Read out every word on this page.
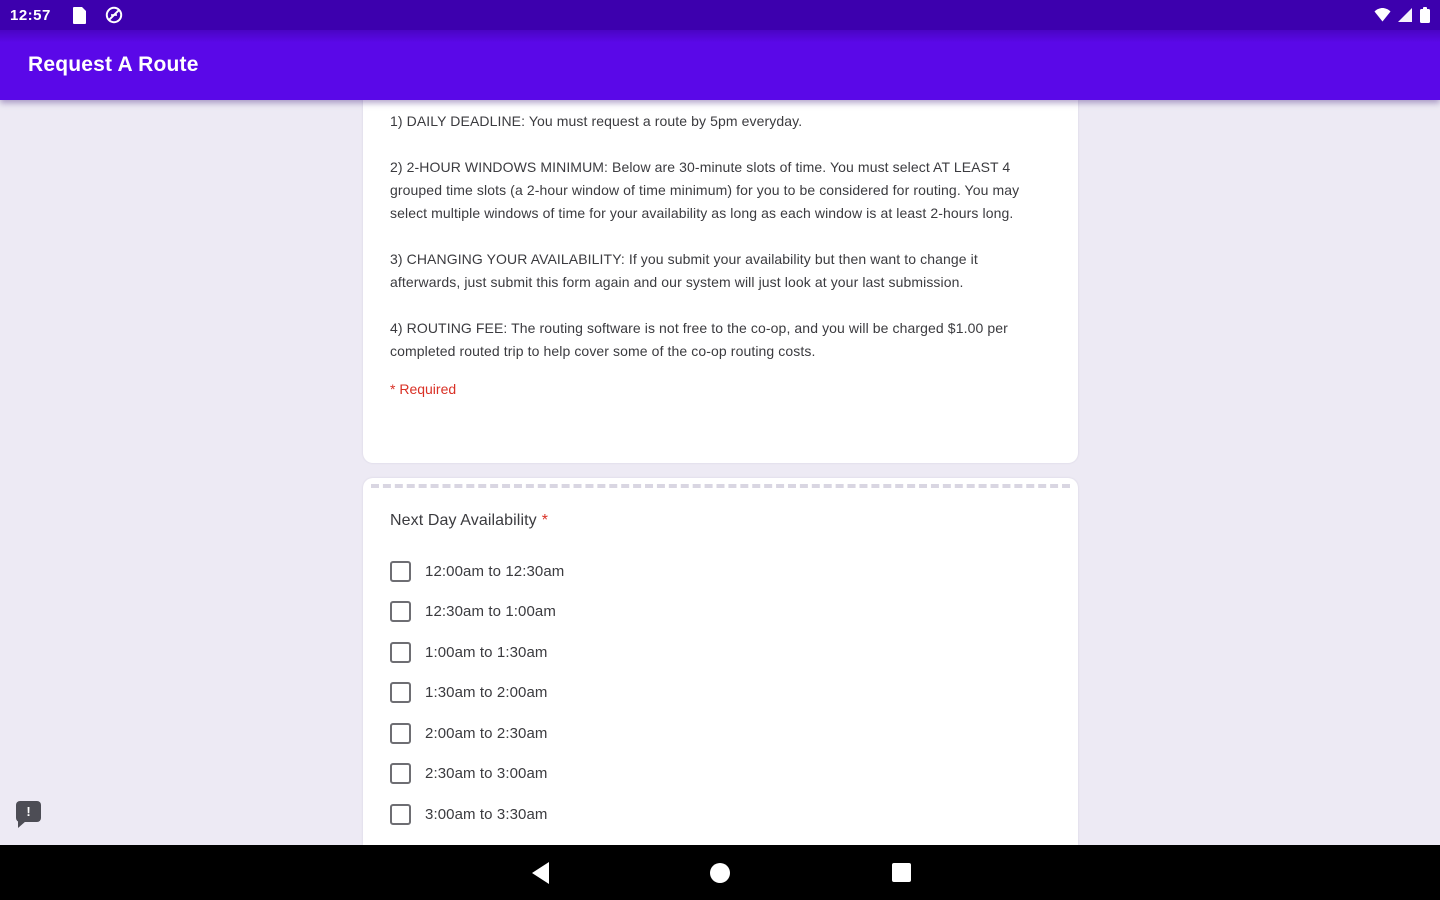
12:57
Request A Route

1) DAILY DEADLINE: You must request a route by 5pm everyday.

2) 2-HOUR WINDOWS MINIMUM: Below are 30-minute slots of time. You must select AT LEAST 4 grouped time slots (a 2-hour window of time minimum) for you to be considered for routing. You may select multiple windows of time for your availability as long as each window is at least 2-hours long.

3) CHANGING YOUR AVAILABILITY: If you submit your availability but then want to change it afterwards, just submit this form again and our system will just look at your last submission.

4) ROUTING FEE: The routing software is not free to the co-op, and you will be charged $1.00 per completed routed trip to help cover some of the co-op routing costs.

* Required
Next Day Availability *
12:00am to 12:30am
12:30am to 1:00am
1:00am to 1:30am
1:30am to 2:00am
2:00am to 2:30am
2:30am to 3:00am
3:00am to 3:30am
!
